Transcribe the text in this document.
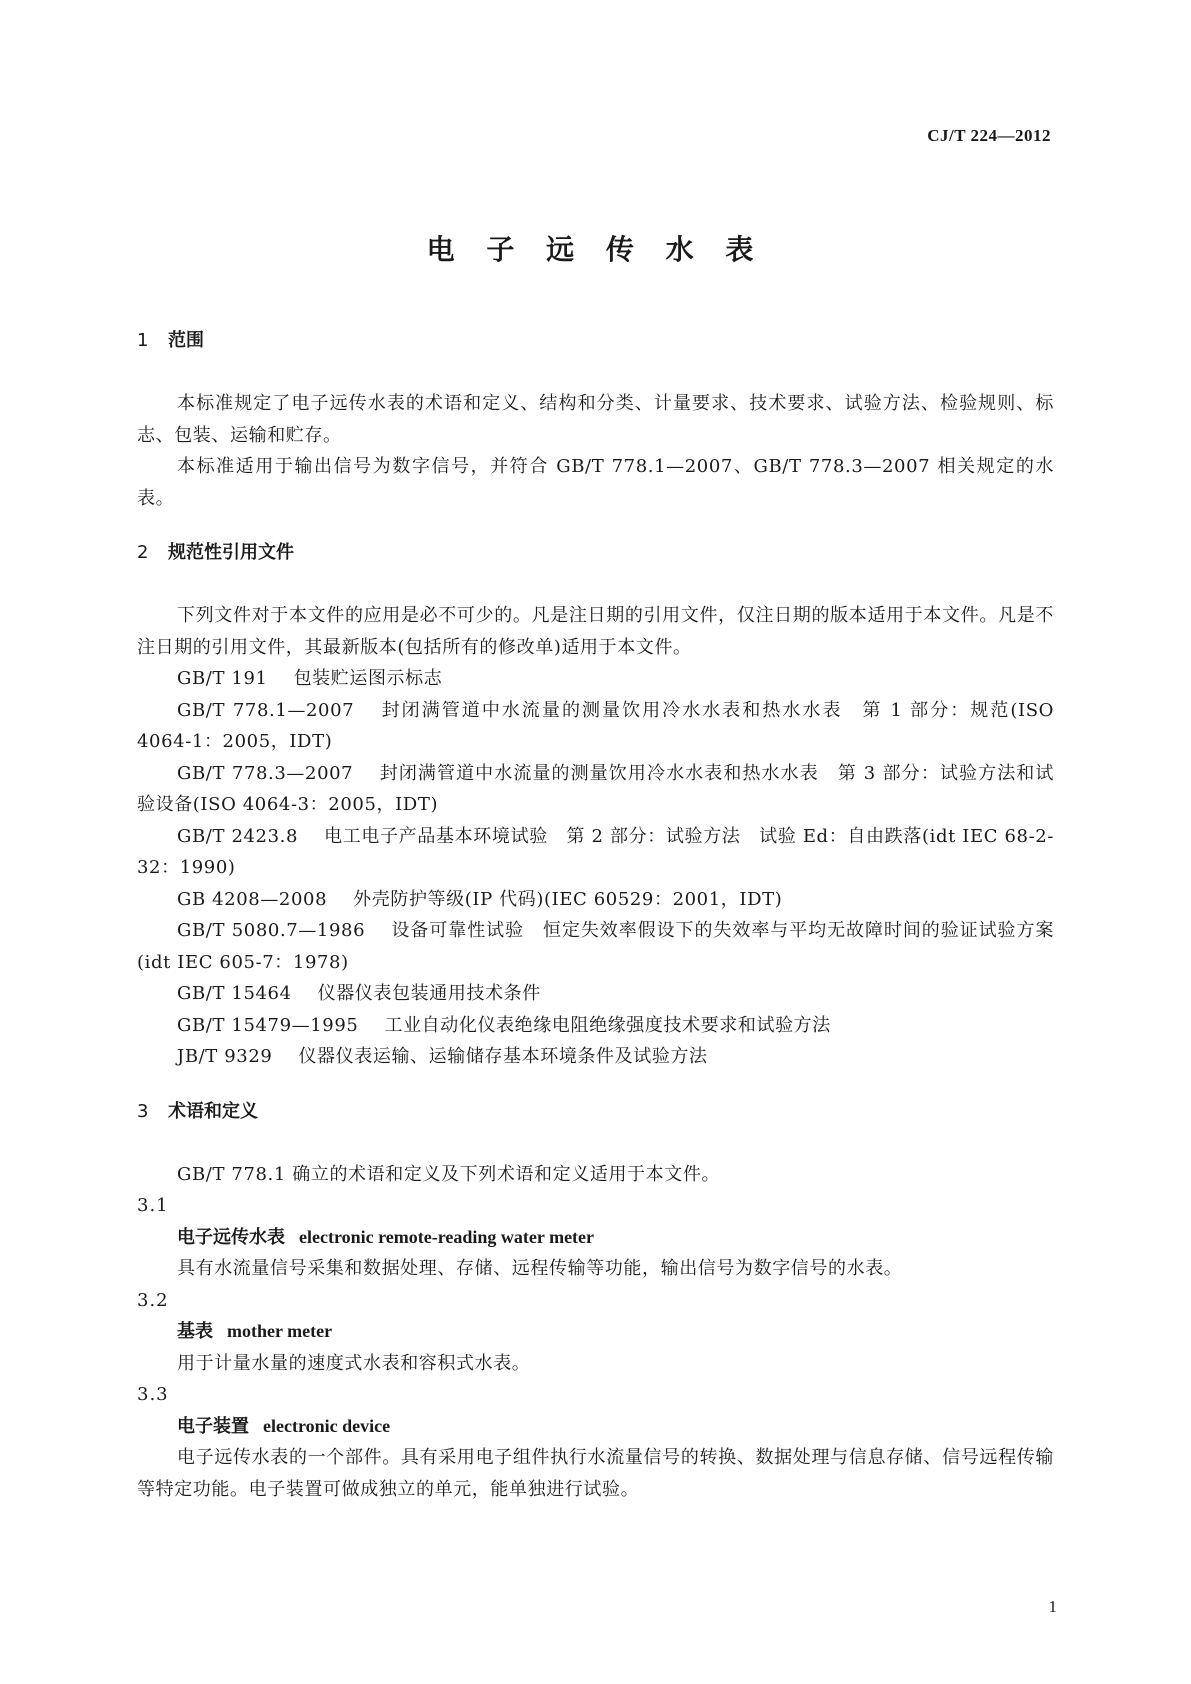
CJ/T 224—2012
电 子 远 传 水 表
1 范围

本标准规定了电子远传水表的术语和定义、结构和分类、计量要求、技术要求、试验方法、检验规则、标志、包装、运输和贮存。

本标准适用于输出信号为数字信号，并符合 GB/T 778.1—2007、GB/T 778.3—2007 相关规定的水表。

2 规范性引用文件

下列文件对于本文件的应用是必不可少的。凡是注日期的引用文件，仅注日期的版本适用于本文件。凡是不注日期的引用文件，其最新版本(包括所有的修改单)适用于本文件。

GB/T 191 包装贮运图示标志

GB/T 778.1—2007 封闭满管道中水流量的测量饮用冷水水表和热水水表　第 1 部分：规范(ISO 4064-1：2005，IDT)

GB/T 778.3—2007 封闭满管道中水流量的测量饮用冷水水表和热水水表　第 3 部分：试验方法和试验设备(ISO 4064-3：2005，IDT)

GB/T 2423.8 电工电子产品基本环境试验　第 2 部分：试验方法　试验 Ed：自由跌落(idt IEC 68-2-32：1990)

GB 4208—2008 外壳防护等级(IP 代码)(IEC 60529：2001，IDT)

GB/T 5080.7—1986 设备可靠性试验　恒定失效率假设下的失效率与平均无故障时间的验证试验方案(idt IEC 605-7：1978)

GB/T 15464 仪器仪表包装通用技术条件

GB/T 15479—1995 工业自动化仪表绝缘电阻绝缘强度技术要求和试验方法

JB/T 9329 仪器仪表运输、运输储存基本环境条件及试验方法

3 术语和定义

GB/T 778.1 确立的术语和定义及下列术语和定义适用于本文件。

3.1
电子远传水表 electronic remote-reading water meter

具有水流量信号采集和数据处理、存储、远程传输等功能，输出信号为数字信号的水表。

3.2
基表 mother meter

用于计量水量的速度式水表和容积式水表。

3.3
电子装置 electronic device

电子远传水表的一个部件。具有采用电子组件执行水流量信号的转换、数据处理与信息存储、信号远程传输等特定功能。电子装置可做成独立的单元，能单独进行试验。

1
